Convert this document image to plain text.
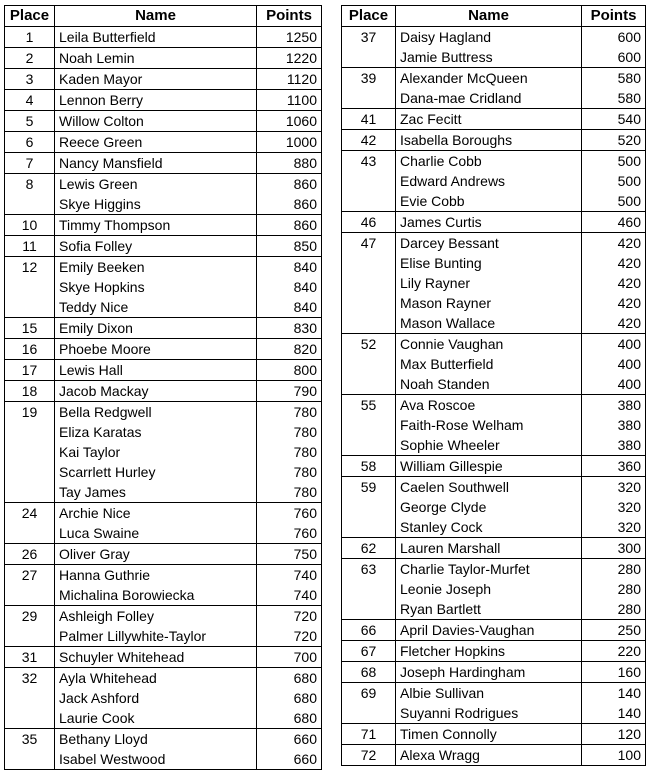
Place	Name	Points
1	Leila Butterfield	1250
2	Noah Lemin	1220
3	Kaden Mayor	1120
4	Lennon Berry	1100
5	Willow Colton	1060
6	Reece Green	1000
7	Nancy Mansfield	880
8	Lewis Green	860
	Skye Higgins	860
10	Timmy Thompson	860
11	Sofia Folley	850
12	Emily Beeken	840
	Skye Hopkins	840
	Teddy Nice	840
15	Emily Dixon	830
16	Phoebe Moore	820
17	Lewis Hall	800
18	Jacob Mackay	790
19	Bella Redgwell	780
	Eliza Karatas	780
	Kai Taylor	780
	Scarrlett Hurley	780
	Tay James	780
24	Archie Nice	760
	Luca Swaine	760
26	Oliver Gray	750
27	Hanna Guthrie	740
	Michalina Borowiecka	740
29	Ashleigh Folley	720
	Palmer Lillywhite-Taylor	720
31	Schuyler Whitehead	700
32	Ayla Whitehead	680
	Jack Ashford	680
	Laurie Cook	680
35	Bethany Lloyd	660
	Isabel Westwood	660
Place	Name	Points
37	Daisy Hagland	600
	Jamie Buttress	600
39	Alexander McQueen	580
	Dana-mae Cridland	580
41	Zac Fecitt	540
42	Isabella Boroughs	520
43	Charlie Cobb	500
	Edward Andrews	500
	Evie Cobb	500
46	James Curtis	460
47	Darcey Bessant	420
	Elise Bunting	420
	Lily Rayner	420
	Mason Rayner	420
	Mason Wallace	420
52	Connie Vaughan	400
	Max Butterfield	400
	Noah Standen	400
55	Ava Roscoe	380
	Faith-Rose Welham	380
	Sophie Wheeler	380
58	William Gillespie	360
59	Caelen Southwell	320
	George Clyde	320
	Stanley Cock	320
62	Lauren Marshall	300
63	Charlie Taylor-Murfet	280
	Leonie Joseph	280
	Ryan Bartlett	280
66	April Davies-Vaughan	250
67	Fletcher Hopkins	220
68	Joseph Hardingham	160
69	Albie Sullivan	140
	Suyanni Rodrigues	140
71	Timen Connolly	120
72	Alexa Wragg	100
